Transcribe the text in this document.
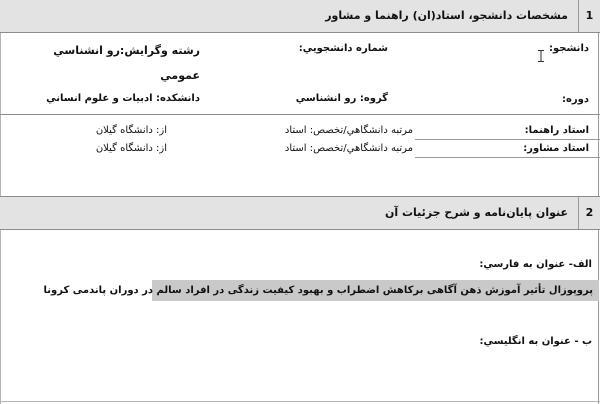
1
مشخصات دانشجو، استاد(ان) راهنما و مشاور
دانشجو:
شماره دانشجويي:
رشته وگرايش:رو انشناسي
عمومي
دوره:
گروه: رو انشناسي
دانشكده: ادبيات و علوم انساني
استاد راهنما:
مرتبه دانشگاهي/تخصص: استاد
از: دانشگاه گيلان
استاد مشاور:
مرتبه دانشگاهي/تخصص: استاد
از: دانشگاه گيلان
2
عنوان پایان‌نامه و شرح جزئیات آن
الف- عنوان به فارسي:
پروپوزال تأثیر آموزش ذهن آگاهی برکاهش اضطراب و بهبود کیفیت زندگی در افراد سالم در دوران پاندمی کرونا
ب - عنوان به انگليسي:
